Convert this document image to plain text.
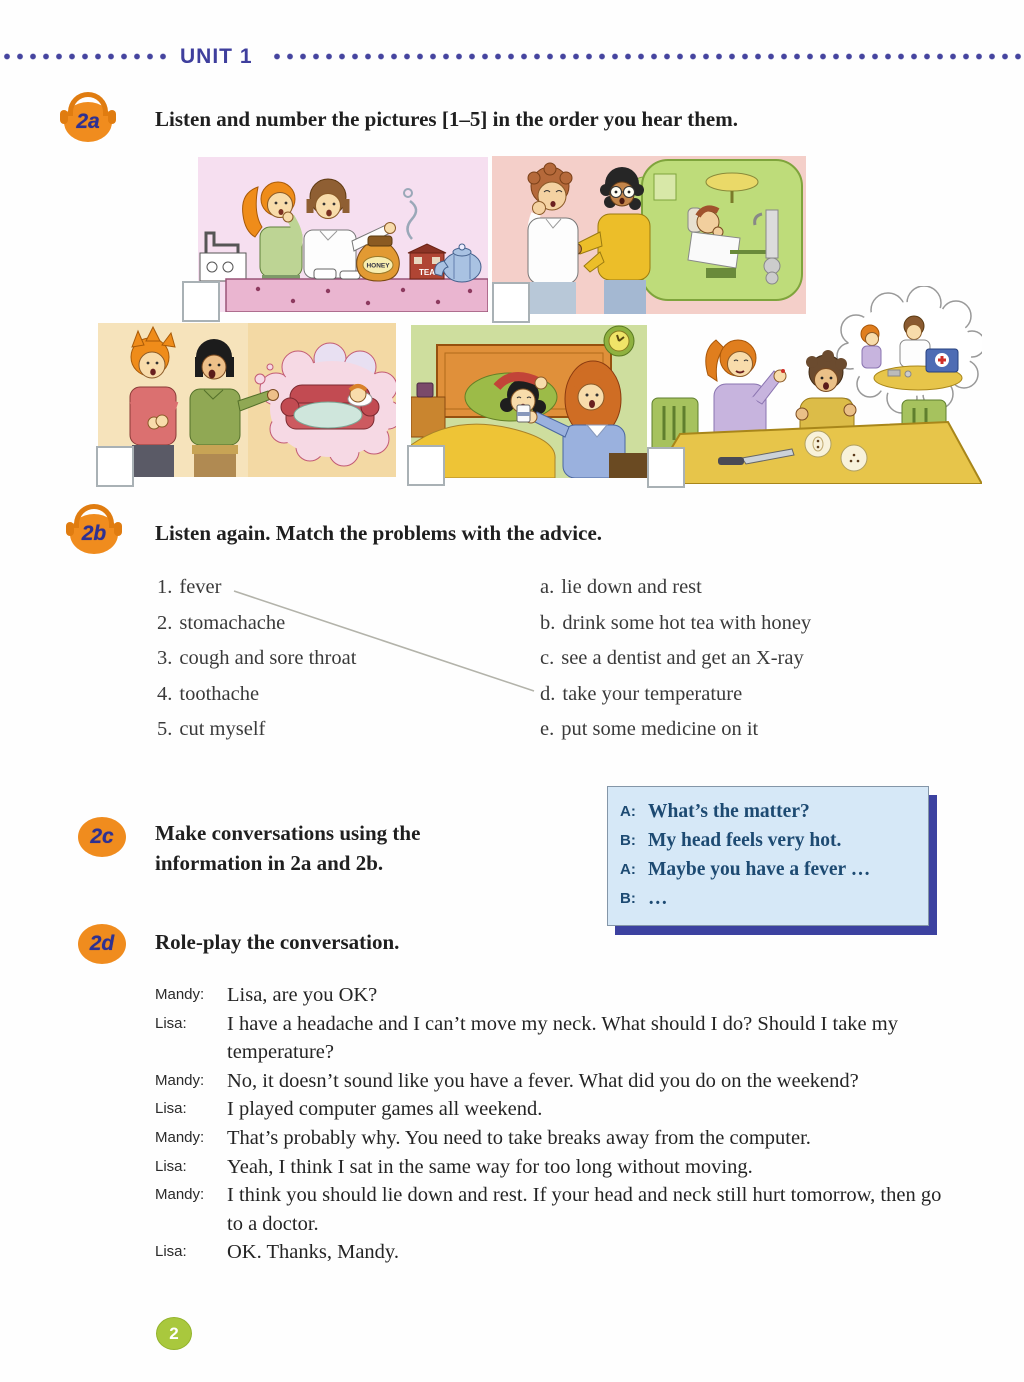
UNIT 1
2a	Listen and number the pictures [1–5] in the order you hear them.
HONEY
TEA
2b	Listen again. Match the problems with the advice.
1. fever
2. stomachache
3. cough and sore throat
4. toothache
5. cut myself
a. lie down and rest
b. drink some hot tea with honey
c. see a dentist and get an X-ray
d. take your temperature
e. put some medicine on it
2c	Make conversations using the
information in 2a and 2b.
A: What’s the matter?
B: My head feels very hot.
A: Maybe you have a fever …
B: …
2d	Role-play the conversation.
Mandy:	Lisa, are you OK?
Lisa:	I have a headache and I can’t move my neck. What should I do? Should I take my temperature?
Mandy:	No, it doesn’t sound like you have a fever. What did you do on the weekend?
Lisa:	I played computer games all weekend.
Mandy:	That’s probably why. You need to take breaks away from the computer.
Lisa:	Yeah, I think I sat in the same way for too long without moving.
Mandy:	I think you should lie down and rest. If your head and neck still hurt tomorrow, then go to a doctor.
Lisa:	OK. Thanks, Mandy.
2
